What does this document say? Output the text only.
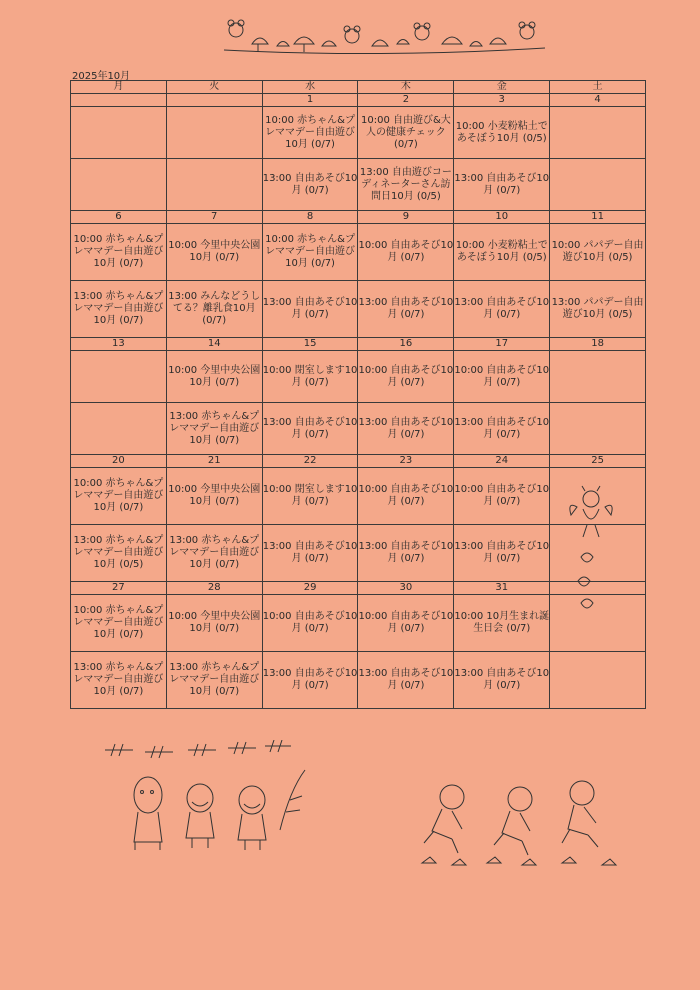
2025年10月
月	火	水	木	金	土
		1	2	3	4
		10:00 赤ちゃん&プレママデー自由遊び10月 (0/7)	10:00 自由遊び&大人の健康チェック (0/7)	10:00 小麦粉粘土であそぼう10月 (0/5)	
		13:00 自由あそび10月 (0/7)	13:00 自由遊びコーディネーターさん訪問日10月 (0/5)	13:00 自由あそび10月 (0/7)	
6	7	8	9	10	11
10:00 赤ちゃん&プレママデー自由遊び10月 (0/7)	10:00 今里中央公園10月 (0/7)	10:00 赤ちゃん&プレママデー自由遊び10月 (0/7)	10:00 自由あそび10月 (0/7)	10:00 小麦粉粘土であそぼう10月 (0/5)	10:00 パパデー自由遊び10月 (0/5)
13:00 赤ちゃん&プレママデー自由遊び10月 (0/7)	13:00 みんなどうしてる？離乳食10月 (0/7)	13:00 自由あそび10月 (0/7)	13:00 自由あそび10月 (0/7)	13:00 自由あそび10月 (0/7)	13:00 パパデー自由遊び10月 (0/5)
13	14	15	16	17	18
	10:00 今里中央公園10月 (0/7)	10:00 閉室します10月 (0/7)	10:00 自由あそび10月 (0/7)	10:00 自由あそび10月 (0/7)	
	13:00 赤ちゃん&プレママデー自由遊び10月 (0/7)	13:00 自由あそび10月 (0/7)	13:00 自由あそび10月 (0/7)	13:00 自由あそび10月 (0/7)	
20	21	22	23	24	25
10:00 赤ちゃん&プレママデー自由遊び10月 (0/7)	10:00 今里中央公園10月 (0/7)	10:00 閉室します10月 (0/7)	10:00 自由あそび10月 (0/7)	10:00 自由あそび10月 (0/7)	
13:00 赤ちゃん&プレママデー自由遊び10月 (0/5)	13:00 赤ちゃん&プレママデー自由遊び10月 (0/7)	13:00 自由あそび10月 (0/7)	13:00 自由あそび10月 (0/7)	13:00 自由あそび10月 (0/7)	
27	28	29	30	31	
10:00 赤ちゃん&プレママデー自由遊び10月 (0/7)	10:00 今里中央公園10月 (0/7)	10:00 自由あそび10月 (0/7)	10:00 自由あそび10月 (0/7)	10:00 10月生まれ誕生日会 (0/7)	
13:00 赤ちゃん&プレママデー自由遊び10月 (0/7)	13:00 赤ちゃん&プレママデー自由遊び10月 (0/7)	13:00 自由あそび10月 (0/7)	13:00 自由あそび10月 (0/7)	13:00 自由あそび10月 (0/7)	
